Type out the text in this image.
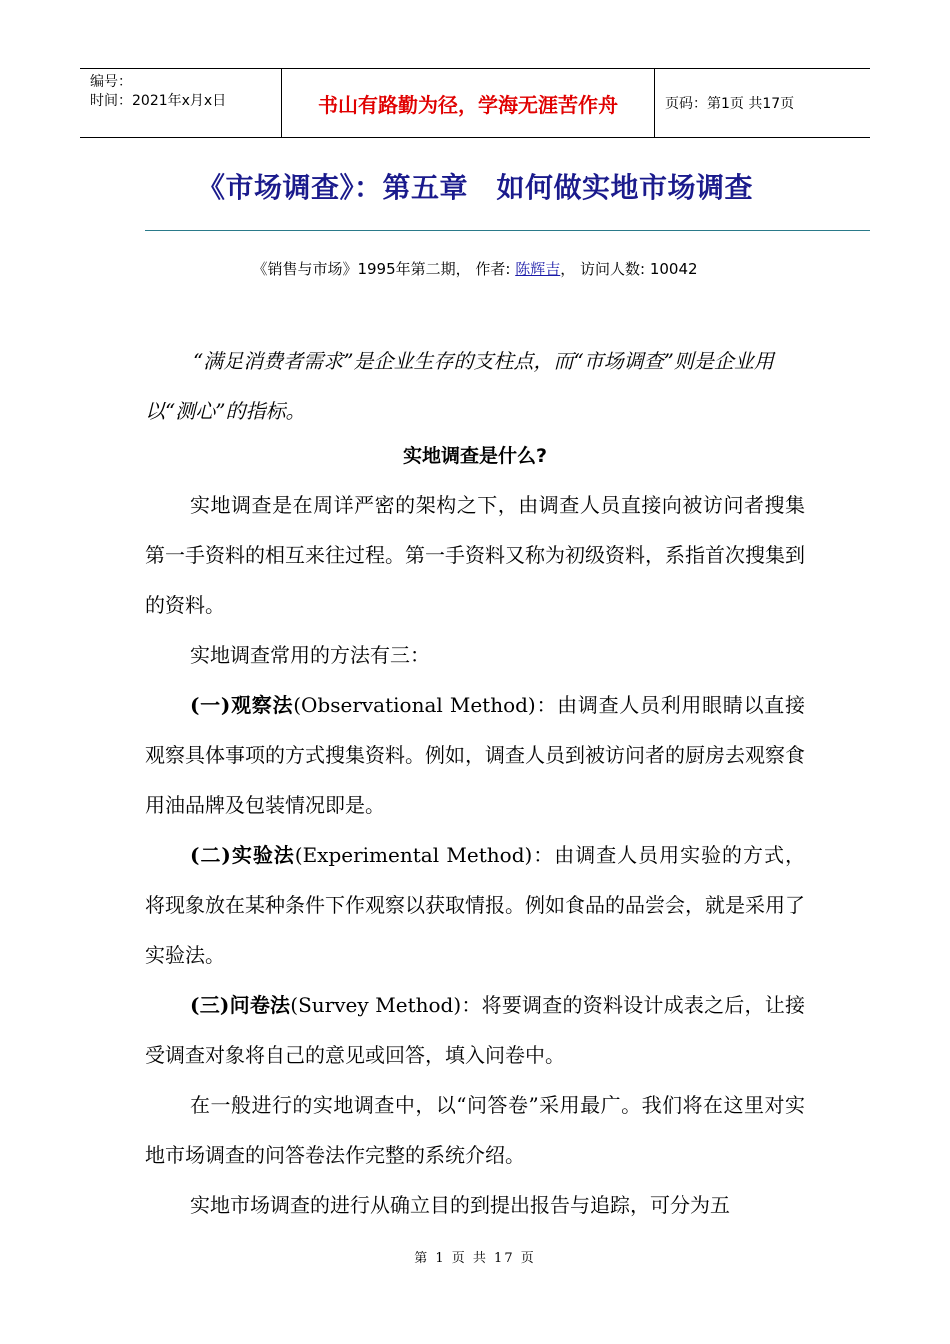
编号：
时间：2021年x月x日	书山有路勤为径，学海无涯苦作舟	页码：第1页 共17页
《市场调查》：第五章　如何做实地市场调查
《销售与市场》1995年第二期， 作者: 陈辉吉， 访问人数: 10042
“满足消费者需求”是企业生存的支柱点，而“市场调查”则是企业用以“测心”的指标。
实地调查是什么?

实地调查是在周详严密的架构之下，由调查人员直接向被访问者搜集第一手资料的相互来往过程。第一手资料又称为初级资料，系指首次搜集到的资料。

实地调查常用的方法有三：

(一)观察法(Observational Method)：由调查人员利用眼睛以直接观察具体事项的方式搜集资料。例如，调查人员到被访问者的厨房去观察食用油品牌及包装情况即是。

(二)实验法(Experimental Method)：由调查人员用实验的方式，将现象放在某种条件下作观察以获取情报。例如食品的品尝会，就是采用了实验法。

(三)问卷法(Survey Method)：将要调查的资料设计成表之后，让接受调查对象将自己的意见或回答，填入问卷中。

在一般进行的实地调查中，以“问答卷”采用最广。我们将在这里对实地市场调查的问答卷法作完整的系统介绍。

实地市场调查的进行从确立目的到提出报告与追踪，可分为五

第 1 页 共 17 页
